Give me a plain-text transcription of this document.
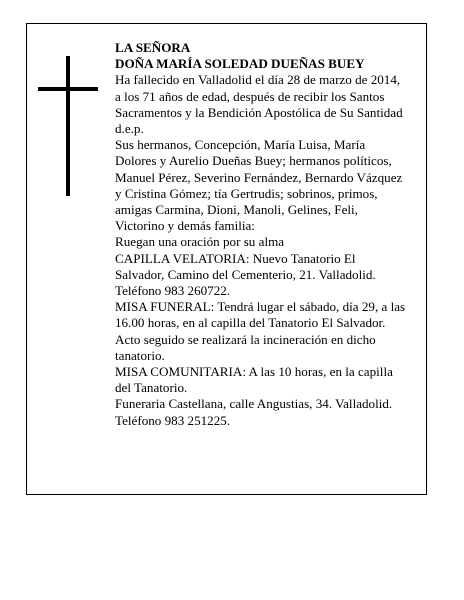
LA SEÑORA
DOÑA MARÍA SOLEDAD DUEÑAS BUEY
Ha fallecido en Valladolid el día 28 de marzo de 2014,
a los 71 años de edad, después de recibir los Santos
Sacramentos y la Bendición Apostólica de Su Santidad
d.e.p.
Sus hermanos, Concepción, María Luisa, María
Dolores y Aurelio Dueñas Buey; hermanos políticos,
Manuel Pérez, Severino Fernández, Bernardo Vázquez
y Cristina Gómez; tía Gertrudis; sobrinos, primos,
amigas Carmina, Dioni, Manoli, Gelines, Feli,
Victorino y demás familia:
Ruegan una oración por su alma
CAPILLA VELATORIA: Nuevo Tanatorio El
Salvador, Camino del Cementerio, 21. Valladolid.
Teléfono 983 260722.
MISA FUNERAL: Tendrá lugar el sábado, día 29, a las
16.00 horas, en al capilla del Tanatorio El Salvador.
Acto seguido se realizará la incineración en dicho
tanatorio.
MISA COMUNITARIA: A las 10 horas, en la capilla
del Tanatorio.
Funeraria Castellana, calle Angustias, 34. Valladolid.
Teléfono 983 251225.
